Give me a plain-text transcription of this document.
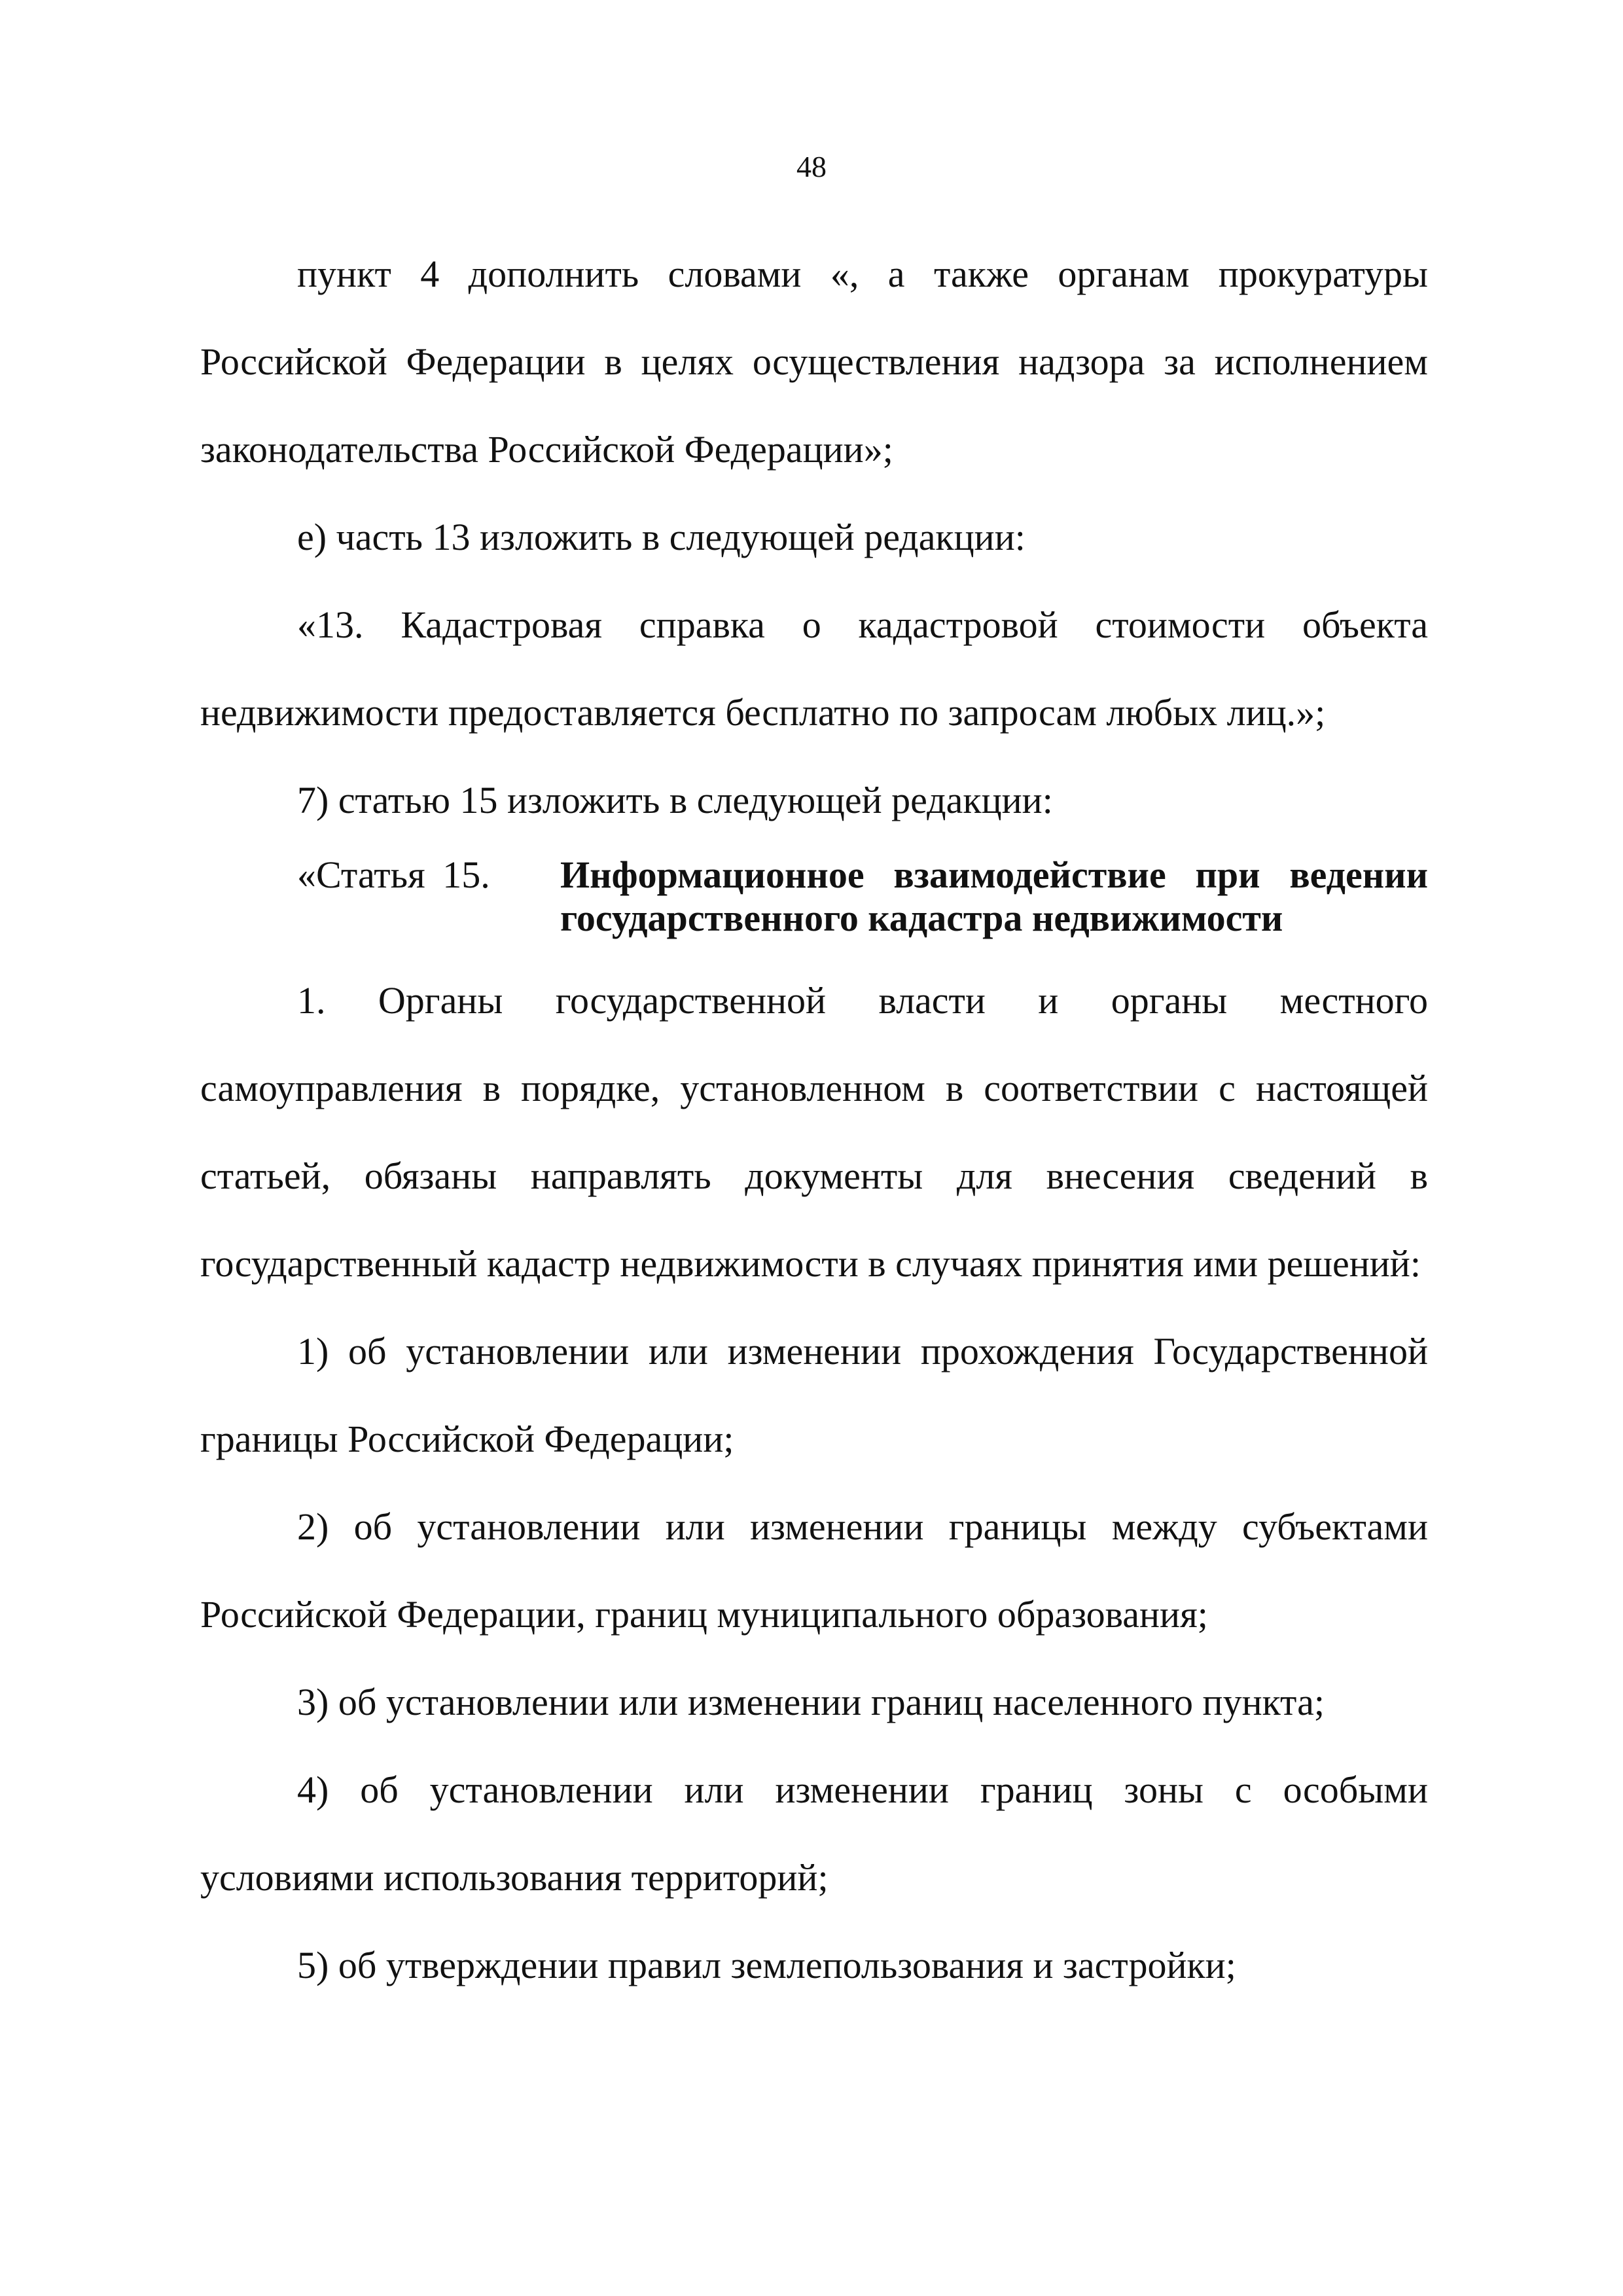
48

пункт 4 дополнить словами «, а также органам прокуратуры Российской Федерации в целях осуществления надзора за исполнением законодательства Российской Федерации»;

е) часть 13 изложить в следующей редакции:

«13. Кадастровая справка о кадастровой стоимости объекта недвижимости предоставляется бесплатно по запросам любых лиц.»;

7) статью 15 изложить в следующей редакции:

«Статья 15.	Информационное взаимодействие при ведении государственного кадастра недвижимости

1. Органы государственной власти и органы местного самоуправления в порядке, установленном в соответствии с настоящей статьей, обязаны направлять документы для внесения сведений в государственный кадастр недвижимости в случаях принятия ими решений:

1) об установлении или изменении прохождения Государственной границы Российской Федерации;

2) об установлении или изменении границы между субъектами Российской Федерации, границ муниципального образования;

3) об установлении или изменении границ населенного пункта;

4) об установлении или изменении границ зоны с особыми условиями использования территорий;

5) об утверждении правил землепользования и застройки;
